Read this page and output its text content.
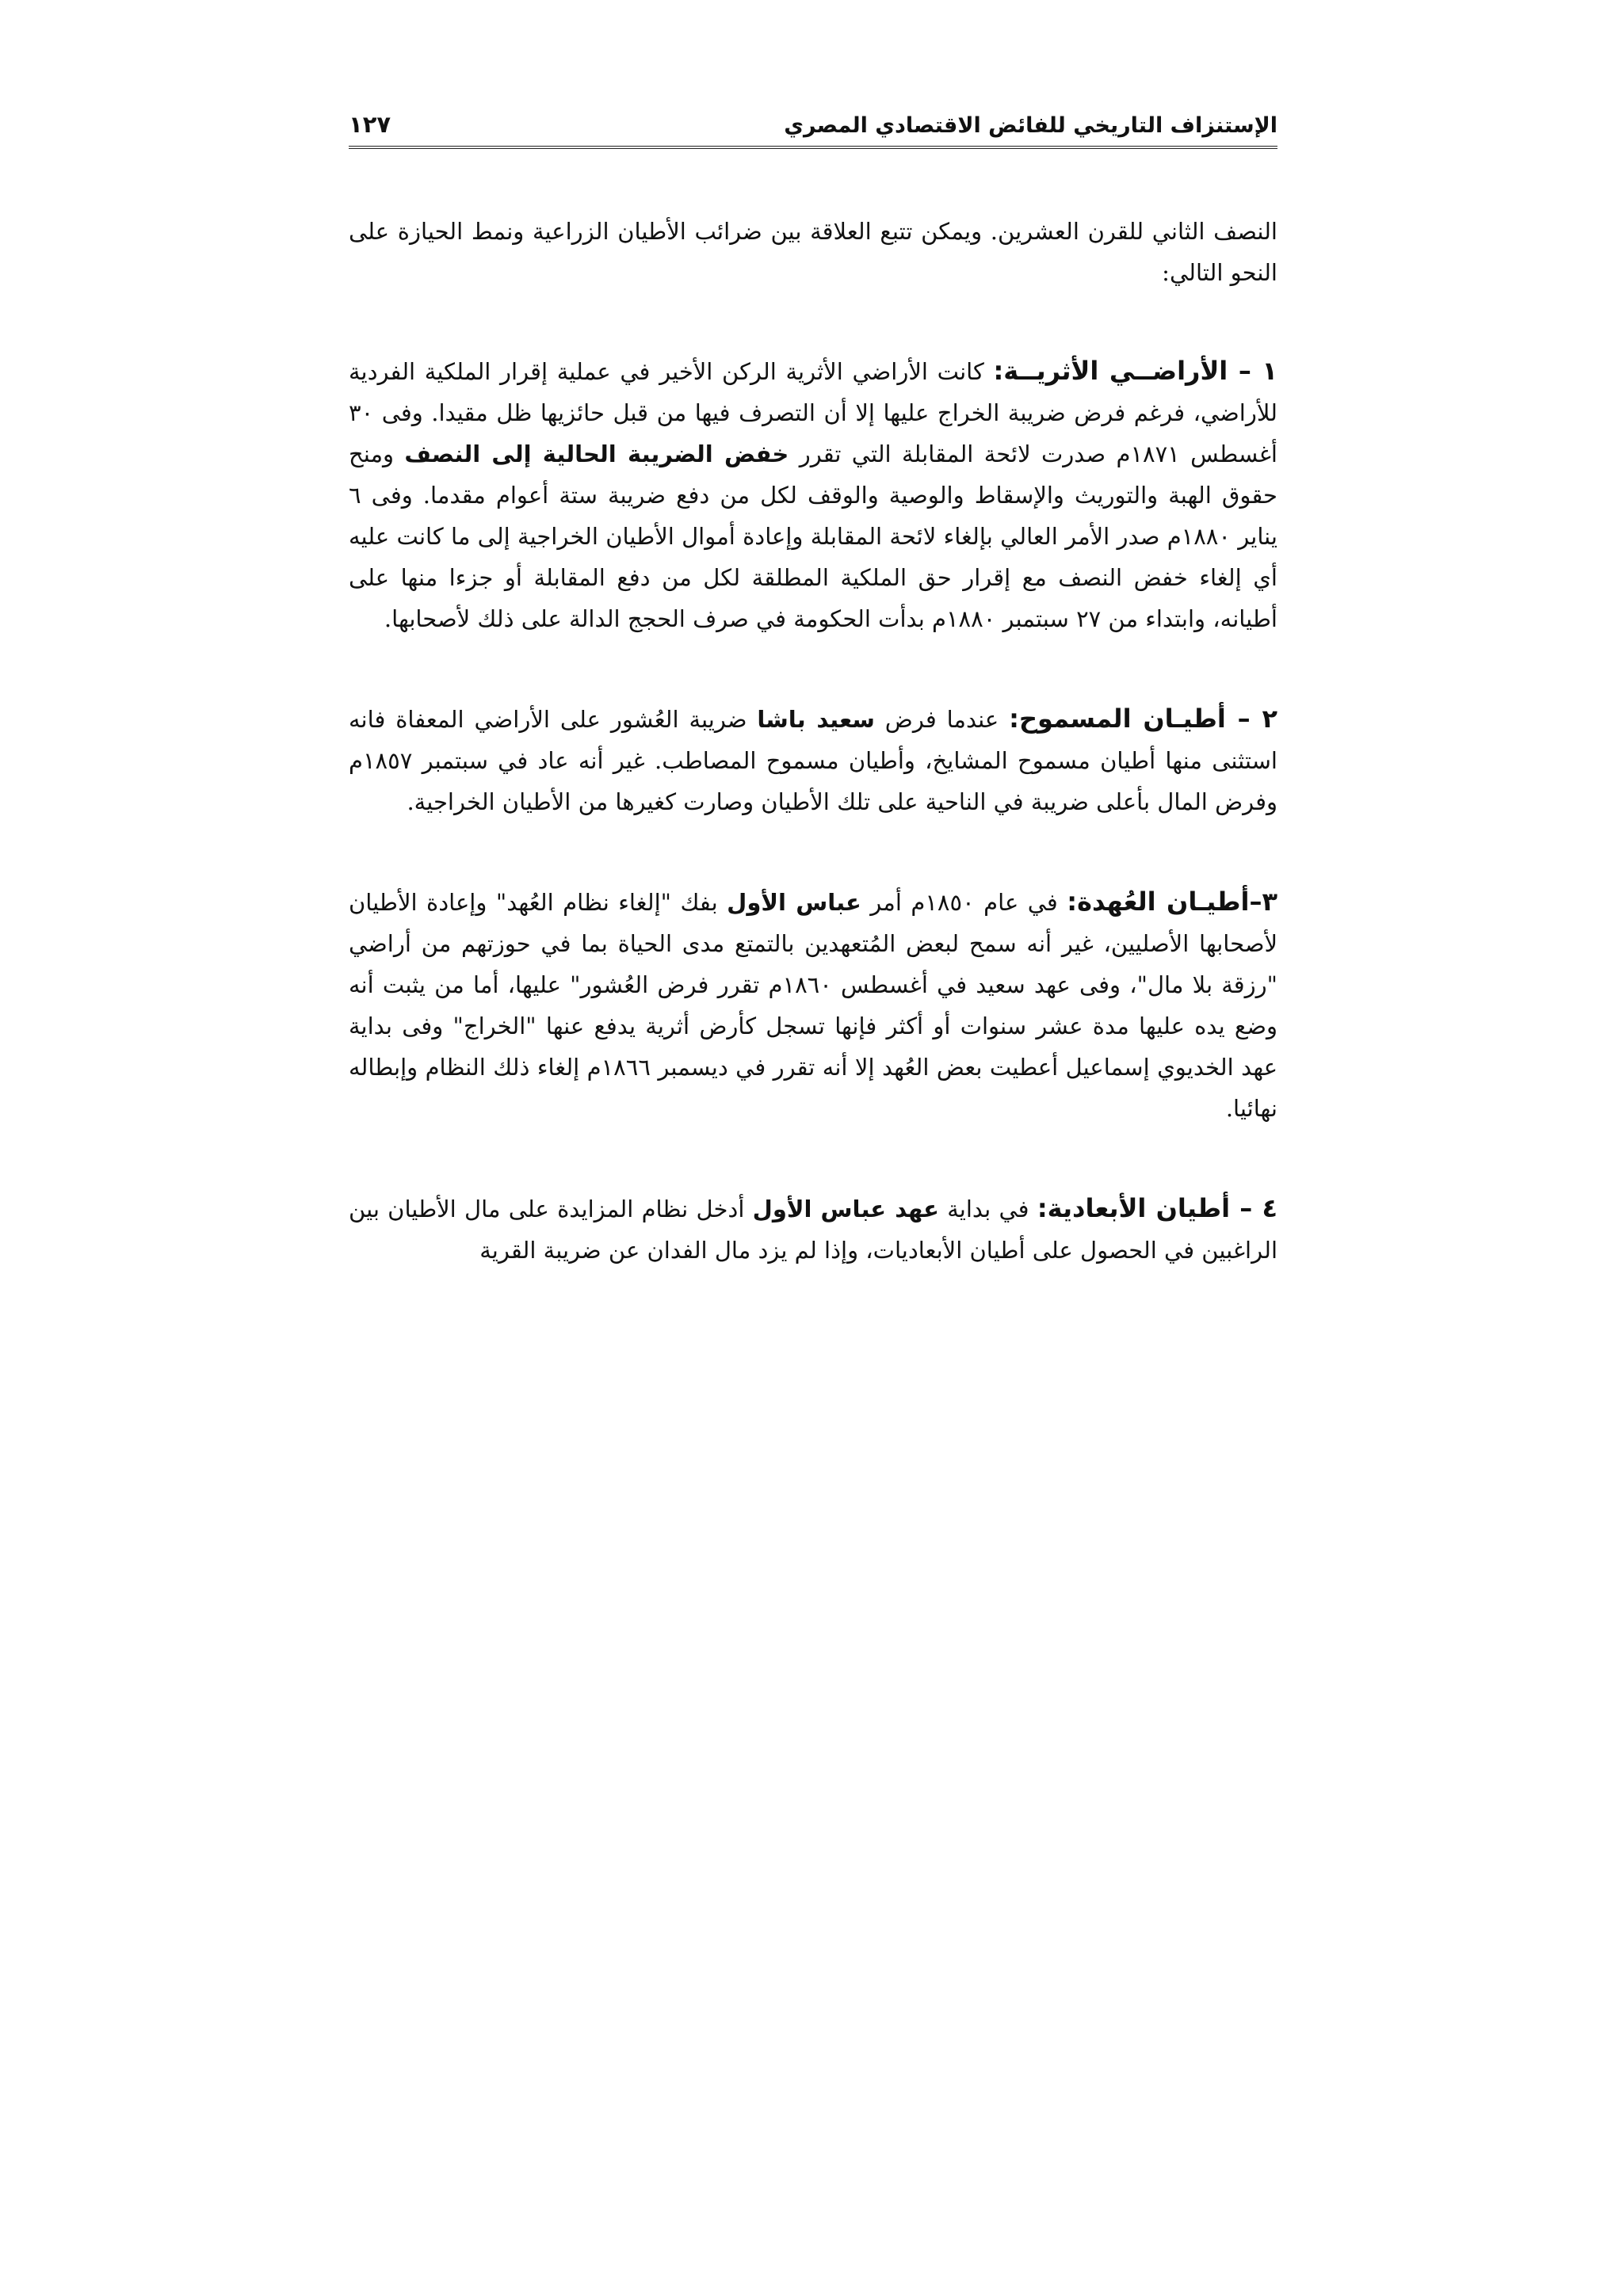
الإستنزاف التاريخي للفائض الاقتصادي المصري
١٢٧

النصف الثاني للقرن العشرين. ويمكن تتبع العلاقة بين ضرائب الأطيان الزراعية ونمط الحيازة على النحو التالي:

١ – الأراضــي الأثريــة: كانت الأراضي الأثرية الركن الأخير في عملية إقرار الملكية الفردية للأراضي، فرغم فرض ضريبة الخراج عليها إلا أن التصرف فيها من قبل حائزيها ظل مقيدا. وفى ٣٠ أغسطس ١٨٧١م صدرت لائحة المقابلة التي تقرر خفض الضريبة الحالية إلى النصف ومنح حقوق الهبة والتوريث والإسقاط والوصية والوقف لكل من دفع ضريبة ستة أعوام مقدما. وفى ٦ يناير ١٨٨٠م صدر الأمر العالي بإلغاء لائحة المقابلة وإعادة أموال الأطيان الخراجية إلى ما كانت عليه أي إلغاء خفض النصف مع إقرار حق الملكية المطلقة لكل من دفع المقابلة أو جزءا منها على أطيانه، وابتداء من ٢٧ سبتمبر ١٨٨٠م بدأت الحكومة في صرف الحجج الدالة على ذلك لأصحابها.

٢ – أطيـان المسموح: عندما فرض سعيد باشا ضريبة العُشور على الأراضي المعفاة فانه استثنى منها أطيان مسموح المشايخ، وأطيان مسموح المصاطب. غير أنه عاد في سبتمبر ١٨٥٧م وفرض المال بأعلى ضريبة في الناحية على تلك الأطيان وصارت كغيرها من الأطيان الخراجية.

٣–أطيـان العُهدة: في عام ١٨٥٠م أمر عباس الأول بفك "إلغاء نظام العُهد" وإعادة الأطيان لأصحابها الأصليين، غير أنه سمح لبعض المُتعهدين بالتمتع مدى الحياة بما في حوزتهم من أراضي "رزقة بلا مال"، وفى عهد سعيد في أغسطس ١٨٦٠م تقرر فرض العُشور" عليها، أما من يثبت أنه وضع يده عليها مدة عشر سنوات أو أكثر فإنها تسجل كأرض أثرية يدفع عنها "الخراج" وفى بداية عهد الخديوي إسماعيل أعطيت بعض العُهد إلا أنه تقرر في ديسمبر ١٨٦٦م إلغاء ذلك النظام وإبطاله نهائيا.

٤ – أطيان الأبعادية: في بداية عهد عباس الأول أدخل نظام المزايدة على مال الأطيان بين الراغبين في الحصول على أطيان الأبعاديات، وإذا لم يزد مال الفدان عن ضريبة القرية
